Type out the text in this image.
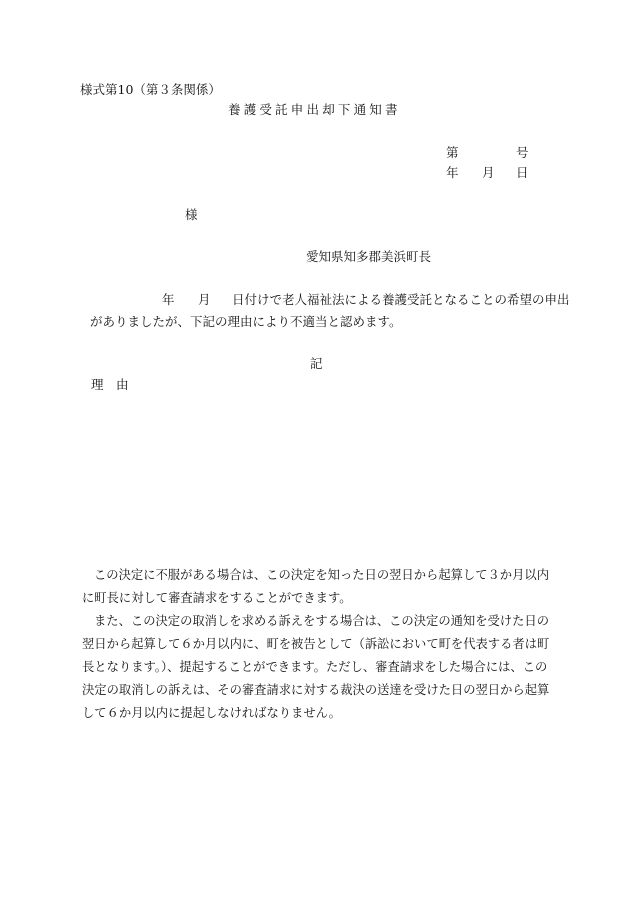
様式第10（第３条関係）
養護受託申出却下通知書
第	号
年 月 日
様
愛知県知多郡美浜町長
年 月 日付けで老人福祉法による養護受託となることの希望の申出
がありましたが、下記の理由により不適当と認めます。
記
理　由
この決定に不服がある場合は、この決定を知った日の翌日から起算して３か月以内に町長に対して審査請求をすることができます。
また、この決定の取消しを求める訴えをする場合は、この決定の通知を受けた日の翌日から起算して６か月以内に、町を被告として（訴訟において町を代表する者は町長となります。）、提起することができます。ただし、審査請求をした場合には、この決定の取消しの訴えは、その審査請求に対する裁決の送達を受けた日の翌日から起算して６か月以内に提起しなければなりません。
